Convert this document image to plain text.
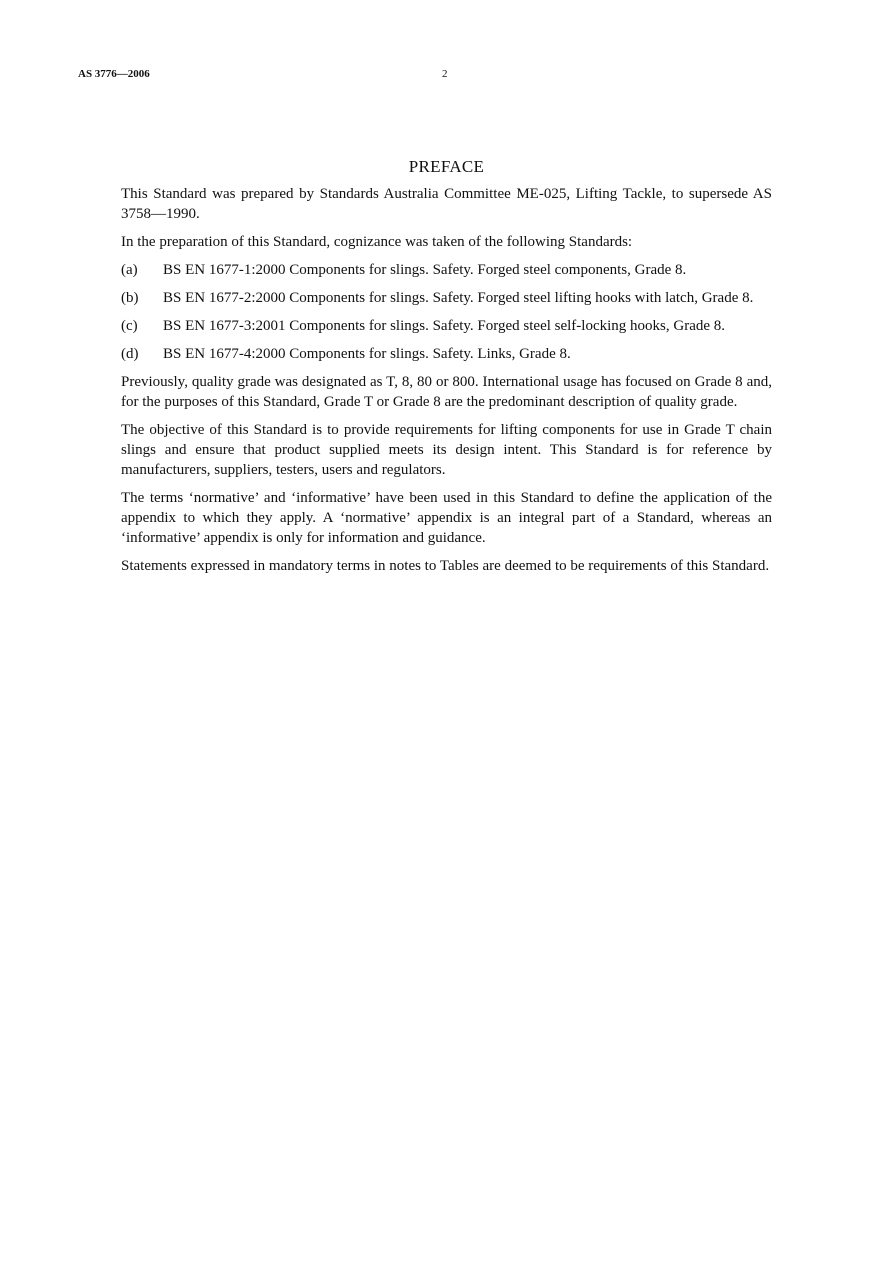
AS 3776—2006	2
PREFACE

This Standard was prepared by Standards Australia Committee ME-025, Lifting Tackle, to supersede AS 3758—1990.

In the preparation of this Standard, cognizance was taken of the following Standards:

(a)	BS EN 1677-1:2000 Components for slings. Safety. Forged steel components, Grade 8.
(b)	BS EN 1677-2:2000 Components for slings. Safety. Forged steel lifting hooks with latch, Grade 8.
(c)	BS EN 1677-3:2001 Components for slings. Safety. Forged steel self-locking hooks, Grade 8.
(d)	BS EN 1677-4:2000 Components for slings. Safety. Links, Grade 8.

Previously, quality grade was designated as T, 8, 80 or 800. International usage has focused on Grade 8 and, for the purposes of this Standard, Grade T or Grade 8 are the predominant description of quality grade.

The objective of this Standard is to provide requirements for lifting components for use in Grade T chain slings and ensure that product supplied meets its design intent. This Standard is for reference by manufacturers, suppliers, testers, users and regulators.

The terms ‘normative’ and ‘informative’ have been used in this Standard to define the application of the appendix to which they apply. A ‘normative’ appendix is an integral part of a Standard, whereas an ‘informative’ appendix is only for information and guidance.

Statements expressed in mandatory terms in notes to Tables are deemed to be requirements of this Standard.
